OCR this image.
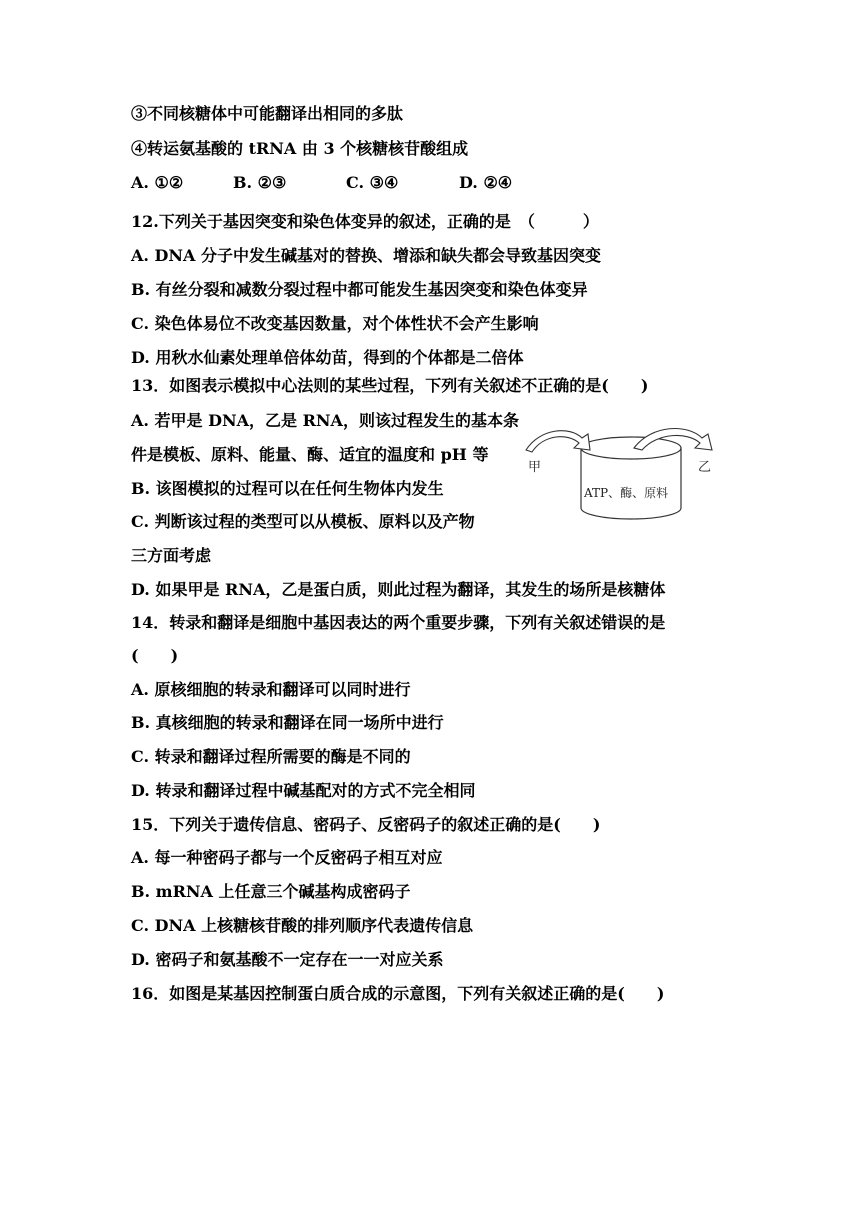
③不同核糖体中可能翻译出相同的多肽
④转运氨基酸的 tRNA 由 3 个核糖核苷酸组成
A. ①②	B. ②③	C. ③④	D. ②④
12.下列关于基因突变和染色体变异的叙述，正确的是　（　　　）
A. DNA 分子中发生碱基对的替换、增添和缺失都会导致基因突变
B. 有丝分裂和减数分裂过程中都可能发生基因突变和染色体变异
C. 染色体易位不改变基因数量，对个体性状不会产生影响
D. 用秋水仙素处理单倍体幼苗，得到的个体都是二倍体
13．如图表示模拟中心法则的某些过程，下列有关叙述不正确的是(　　)
A. 若甲是 DNA，乙是 RNA，则该过程发生的基本条
件是模板、原料、能量、酶、适宜的温度和 pH 等
B. 该图模拟的过程可以在任何生物体内发生
C. 判断该过程的类型可以从模板、原料以及产物
三方面考虑
D. 如果甲是 RNA，乙是蛋白质，则此过程为翻译，其发生的场所是核糖体
甲	乙
ATP、酶、原料
14．转录和翻译是细胞中基因表达的两个重要步骤，下列有关叙述错误的是
(　　)
A. 原核细胞的转录和翻译可以同时进行
B. 真核细胞的转录和翻译在同一场所中进行
C. 转录和翻译过程所需要的酶是不同的
D. 转录和翻译过程中碱基配对的方式不完全相同
15．下列关于遗传信息、密码子、反密码子的叙述正确的是(　　)
A. 每一种密码子都与一个反密码子相互对应
B. mRNA 上任意三个碱基构成密码子
C. DNA 上核糖核苷酸的排列顺序代表遗传信息
D. 密码子和氨基酸不一定存在一一对应关系
16．如图是某基因控制蛋白质合成的示意图，下列有关叙述正确的是(　　)
